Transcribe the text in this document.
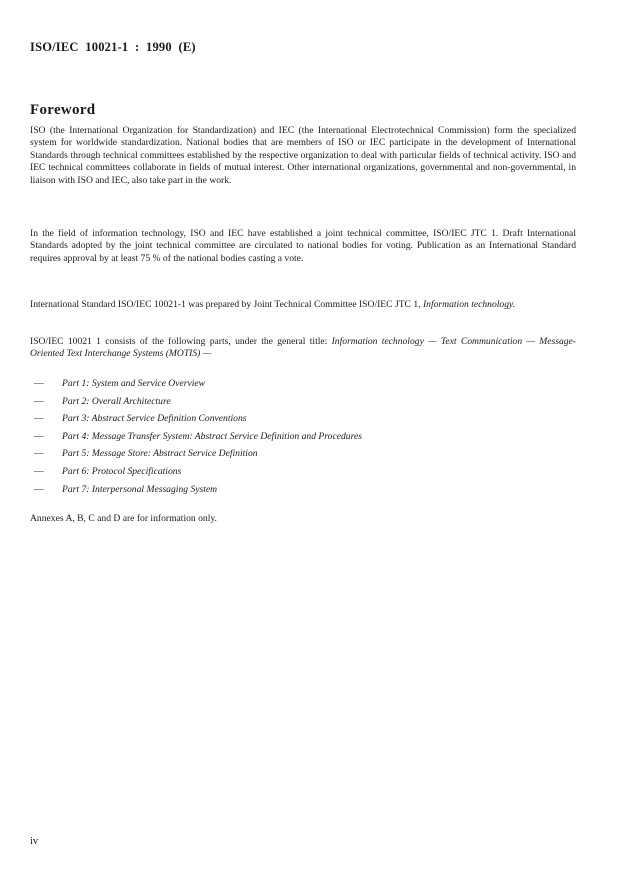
ISO/IEC  10021-1  :  1990  (E)
Foreword

ISO (the International Organization for Standardization) and IEC (the International Electrotechnical Commission) form the specialized system for worldwide standardization. National bodies that are members of ISO or IEC participate in the development of International Standards through technical committees established by the respective organization to deal with particular fields of technical activity. ISO and IEC technical committees collaborate in fields of mutual interest. Other international organizations, governmental and non-governmental, in liaison with ISO and IEC, also take part in the work.

In the field of information technology, ISO and IEC have established a joint technical committee, ISO/IEC JTC 1. Draft International Standards adopted by the joint technical committee are circulated to national bodies for voting. Publication as an International Standard requires approval by at least 75 % of the national bodies casting a vote.

International Standard ISO/IEC 10021-1 was prepared by Joint Technical Committee ISO/IEC JTC 1, Information technology.

ISO/IEC 10021 1 consists of the following parts, under the general title: Information technology — Text Communication — Message-Oriented Text Interchange Systems (MOTIS) —

—	Part 1: System and Service Overview
—	Part 2: Overall Architecture
—	Part 3: Abstract Service Definition Conventions
—	Part 4: Message Transfer System: Abstract Service Definition and Procedures
—	Part 5: Message Store: Abstract Service Definition
—	Part 6: Protocol Specifications
—	Part 7: Interpersonal Messaging System
Annexes A, B, C and D are for information only.
iv
